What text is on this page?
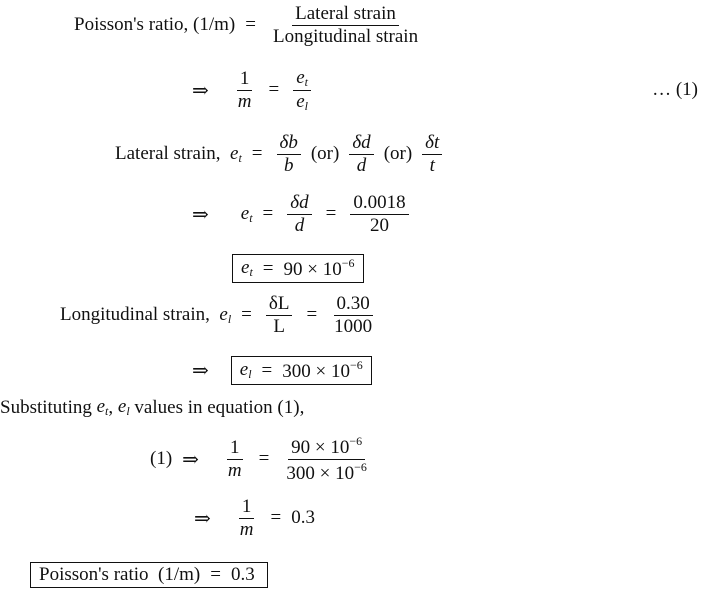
Poisson's ratio,
$(1/m) = \frac{\text{Lateral strain}}{\text{Longitudinal strain}}$
⇒ $\frac{1}{m} = \frac{e_t}{e_l}$	… (1)
Lateral strain,
$e_t = \frac{\delta b}{b} (or) \frac{\delta d}{d} (or) \frac{\delta t}{t}$
⇒ $e_t = \frac{\delta d}{d} = \frac{0.0018}{20}$
$e_t = 90 \times 10^{-6}$
Longitudinal strain,
$e_l = \frac{\delta L}{L} = \frac{0.30}{1000}$
⇒ $e_l = 300 \times 10^{-6}$
Substituting
$e_t$ ,
$e_l$
values in equation (1),
(1) ⇒ $\frac{1}{m} = \frac{90 \times 10^{-6}}{300 \times 10^{-6}}$
⇒ $\frac{1}{m} = 0.3$
Poisson's ratio
(1/m) = 0.3
